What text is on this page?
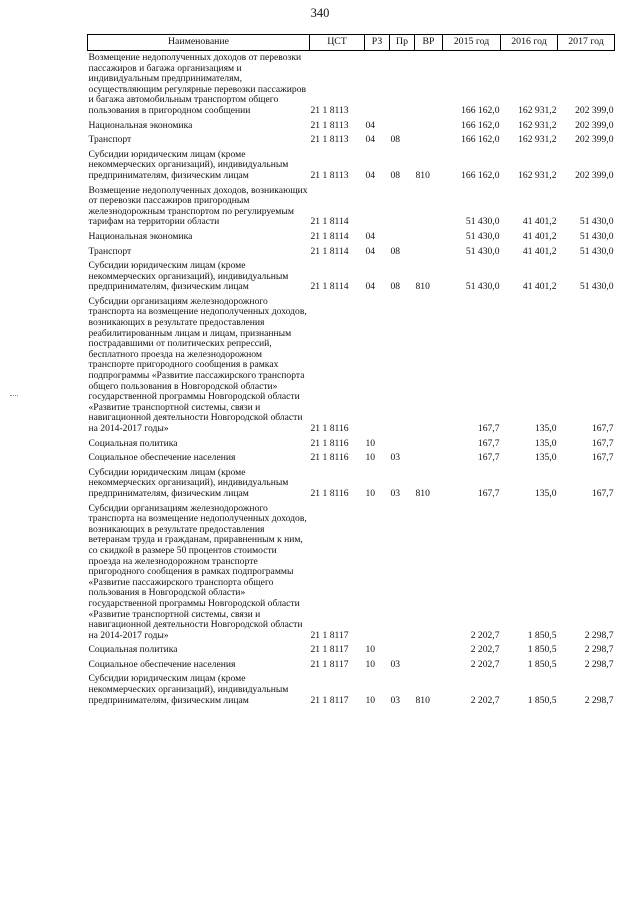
340
Наименование	ЦСТ	РЗ	Пр	ВР	2015 год	2016 год	2017 год
Возмещение недополученных доходов от перевозки пассажиров и багажа организациям и индивидуальным предпринимателям, осуществляющим регулярные перевозки пассажиров и багажа автомобильным транспортом общего пользования в пригородном сообщении	21 1 8113				166 162,0	162 931,2	202 399,0
Национальная экономика	21 1 8113	04			166 162,0	162 931,2	202 399,0
Транспорт	21 1 8113	04	08		166 162,0	162 931,2	202 399,0
Субсидии юридическим лицам (кроме некоммерческих организаций), индивидуальным предпринимателям, физическим лицам	21 1 8113	04	08	810	166 162,0	162 931,2	202 399,0
Возмещение недополученных доходов, возникающих от перевозки пассажиров пригородным железнодорожным транспортом по регулируемым тарифам на территории области	21 1 8114				51 430,0	41 401,2	51 430,0
Национальная экономика	21 1 8114	04			51 430,0	41 401,2	51 430,0
Транспорт	21 1 8114	04	08		51 430,0	41 401,2	51 430,0
Субсидии юридическим лицам (кроме некоммерческих организаций), индивидуальным предпринимателям, физическим лицам	21 1 8114	04	08	810	51 430,0	41 401,2	51 430,0
Субсидии организациям железнодорожного транспорта на возмещение недополученных доходов, возникающих в результате предоставления реабилитированным лицам и лицам, признанным пострадавшими от политических репрессий, бесплатного проезда на железнодорожном транспорте пригородного сообщения в рамках подпрограммы «Развитие пассажирского транспорта общего пользования в Новгородской области» государственной программы Новгородской области «Развитие транспортной системы, связи и навигационной деятельности Новгородской области на 2014-2017 годы»	21 1 8116				167,7	135,0	167,7
Социальная политика	21 1 8116	10			167,7	135,0	167,7
Социальное обеспечение населения	21 1 8116	10	03		167,7	135,0	167,7
Субсидии юридическим лицам (кроме некоммерческих организаций), индивидуальным предпринимателям, физическим лицам	21 1 8116	10	03	810	167,7	135,0	167,7
Субсидии организациям железнодорожного транспорта на возмещение недополученных доходов, возникающих в результате предоставления ветеранам труда и гражданам, приравненным к ним, со скидкой в размере 50 процентов стоимости проезда на железнодорожном транспорте пригородного сообщения в рамках подпрограммы «Развитие пассажирского транспорта общего пользования в Новгородской области» государственной программы Новгородской области «Развитие транспортной системы, связи и навигационной деятельности Новгородской области на 2014-2017 годы»	21 1 8117				2 202,7	1 850,5	2 298,7
Социальная политика	21 1 8117	10			2 202,7	1 850,5	2 298,7
Социальное обеспечение населения	21 1 8117	10	03		2 202,7	1 850,5	2 298,7
Субсидии юридическим лицам (кроме некоммерческих организаций), индивидуальным предпринимателям, физическим лицам	21 1 8117	10	03	810	2 202,7	1 850,5	2 298,7
